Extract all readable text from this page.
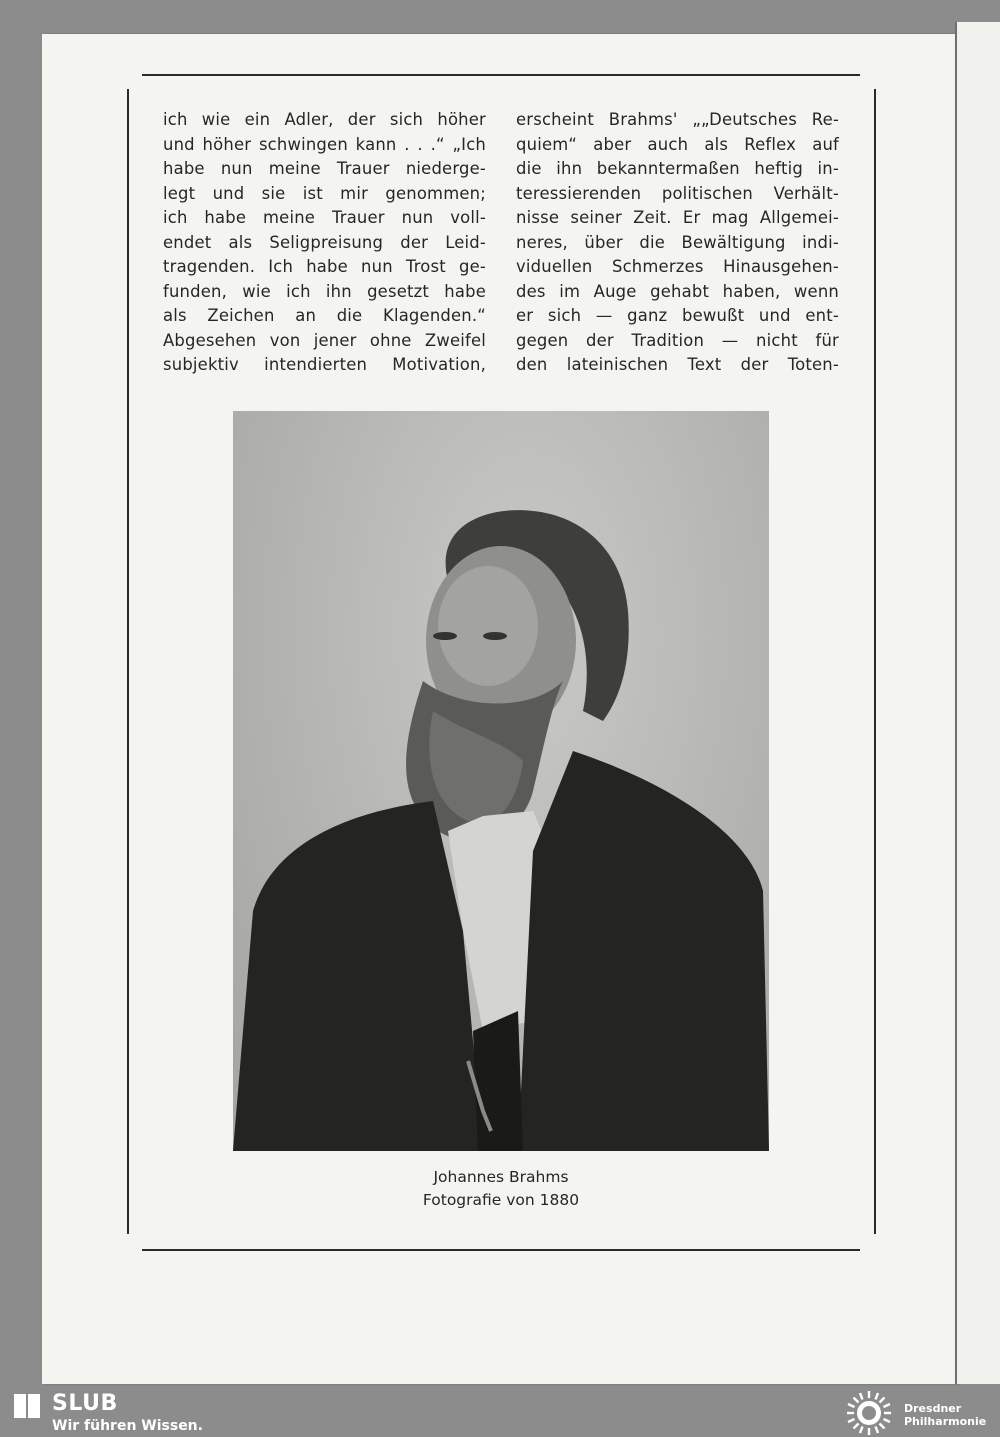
ich wie ein Adler, der sich höher
und höher schwingen kann . . .“ „Ich
habe nun meine Trauer niederge-
legt und sie ist mir genommen;
ich habe meine Trauer nun voll-
endet als Seligpreisung der Leid-
tragenden. Ich habe nun Trost ge-
funden, wie ich ihn gesetzt habe
als Zeichen an die Klagenden.“
Abgesehen von jener ohne Zweifel
subjektiv intendierten Motivation,
erscheint Brahms' „„Deutsches Re-
quiem“ aber auch als Reflex auf
die ihn bekanntermaßen heftig in-
teressierenden politischen Verhält-
nisse seiner Zeit. Er mag Allgemei-
neres, über die Bewältigung indi-
viduellen Schmerzes Hinausgehen-
des im Auge gehabt haben, wenn
er sich — ganz bewußt und ent-
gegen der Tradition — nicht für
den lateinischen Text der Toten-
Johannes Brahms
Fotografie von 1880
SLUB
Wir führen Wissen.
Dresdner
Philharmonie
